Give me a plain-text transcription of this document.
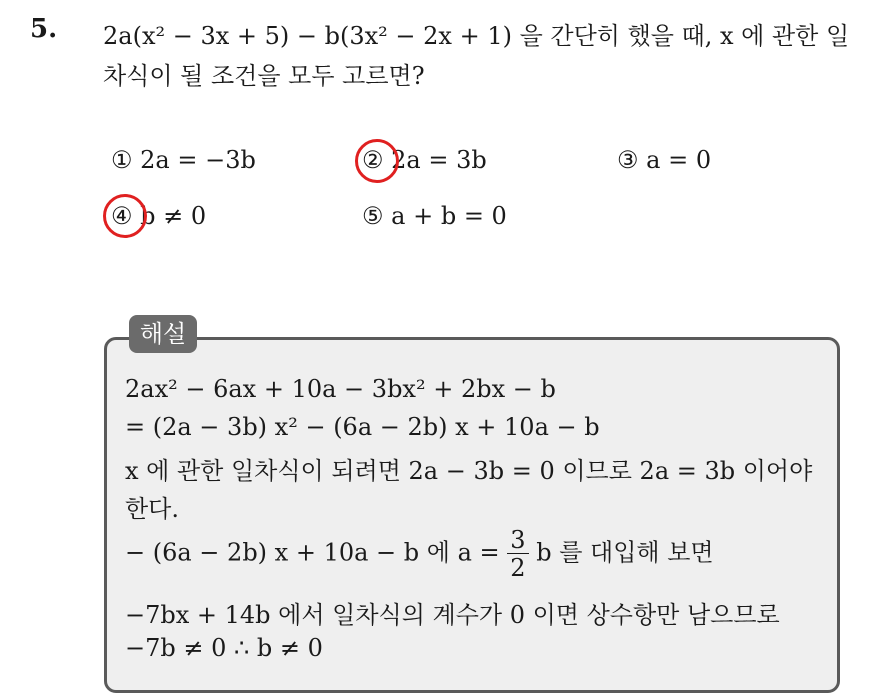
5. 2a(x² − 3x + 5) − b(3x² − 2x + 1) 을 간단히 했을 때, x 에 관한 일
차식이 될 조건을 모두 고르면?
① 2a = −3b	② 2a = 3b	③ a = 0
④ b ≠ 0	⑤ a + b = 0
해설
2ax² − 6ax + 10a − 3bx² + 2bx − b
= (2a − 3b) x² − (6a − 2b) x + 10a − b
x 에 관한 일차식이 되려면 2a − 3b = 0 이므로 2a = 3b 이어야
한다.
− (6a − 2b) x + 10a − b 에 $a = \frac{3}{2}$ b 를 대입해 보면
−7bx + 14b 에서 일차식의 계수가 0 이면 상수항만 남으므로
−7b ≠ 0 ∴ b ≠ 0
